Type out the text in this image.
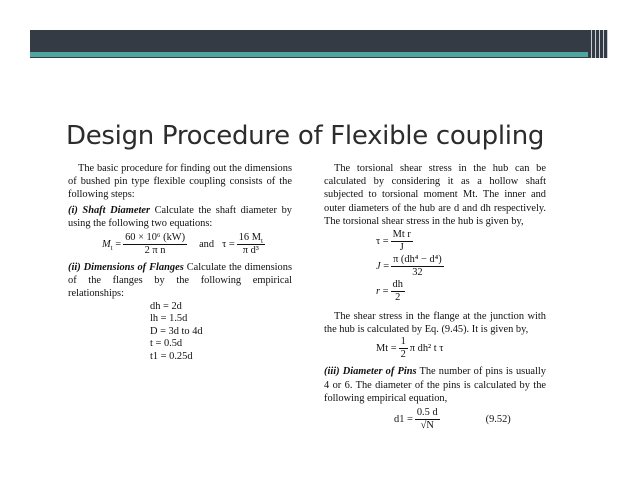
Design Procedure of Flexible coupling

The basic procedure for finding out the dimensions of bushed pin type flexible coupling consists of the following steps:

(i) Shaft Diameter Calculate the shaft diameter by using the following two equations:

$M_t = \frac{\text{60 × 10⁶ (kW)}}{\text{2 π n}}$ and $\tau = \frac{16 M_t}{\text{π d³}}$

(ii) Dimensions of Flanges Calculate the dimensions of the flanges by the following empirical relationships:

dh = 2d
lh = 1.5d
D = 3d to 4d
t = 0.5d
t1 = 0.25d

The torsional shear stress in the hub can be calculated by considering it as a hollow shaft subjected to torsional moment Mt. The inner and outer diameters of the hub are d and dh respectively. The torsional shear stress in the hub is given by,

$\tau = \frac{\text{Mt r}}{J}$
$J = \frac{\text{π (dh⁴ − d⁴)}}{32}$
$r = \frac{dh}{2}$

The shear stress in the flange at the junction with the hub is calculated by Eq. (9.45). It is given by,

$Mt = \frac{1}{2}$ π dh² t τ

(iii) Diameter of Pins The number of pins is usually 4 or 6. The diameter of the pins is calculated by the following empirical equation,

$d1 = \frac{0.5 d}{√N}$	(9.52)
